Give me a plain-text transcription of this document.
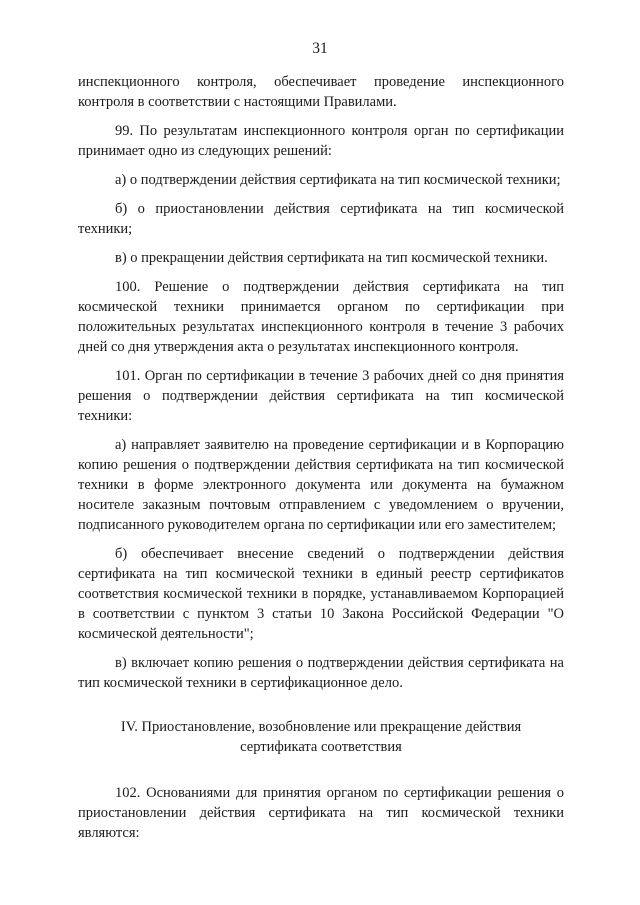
31

инспекционного контроля, обеспечивает проведение инспекционного контроля в соответствии с настоящими Правилами.

99. По результатам инспекционного контроля орган по сертификации принимает одно из следующих решений:

а) о подтверждении действия сертификата на тип космической техники;

б) о приостановлении действия сертификата на тип космической техники;

в) о прекращении действия сертификата на тип космической техники.

100. Решение о подтверждении действия сертификата на тип космической техники принимается органом по сертификации при положительных результатах инспекционного контроля в течение 3 рабочих дней со дня утверждения акта о результатах инспекционного контроля.

101. Орган по сертификации в течение 3 рабочих дней со дня принятия решения о подтверждении действия сертификата на тип космической техники:

а) направляет заявителю на проведение сертификации и в Корпорацию копию решения о подтверждении действия сертификата на тип космической техники в форме электронного документа или документа на бумажном носителе заказным почтовым отправлением с уведомлением о вручении, подписанного руководителем органа по сертификации или его заместителем;

б) обеспечивает внесение сведений о подтверждении действия сертификата на тип космической техники в единый реестр сертификатов соответствия космической техники в порядке, устанавливаемом Корпорацией в соответствии с пунктом 3 статьи 10 Закона Российской Федерации "О космической деятельности";

в) включает копию решения о подтверждении действия сертификата на тип космической техники в сертификационное дело.

IV. Приостановление, возобновление или прекращение действия
сертификата соответствия

102. Основаниями для принятия органом по сертификации решения о приостановлении действия сертификата на тип космической техники являются:
